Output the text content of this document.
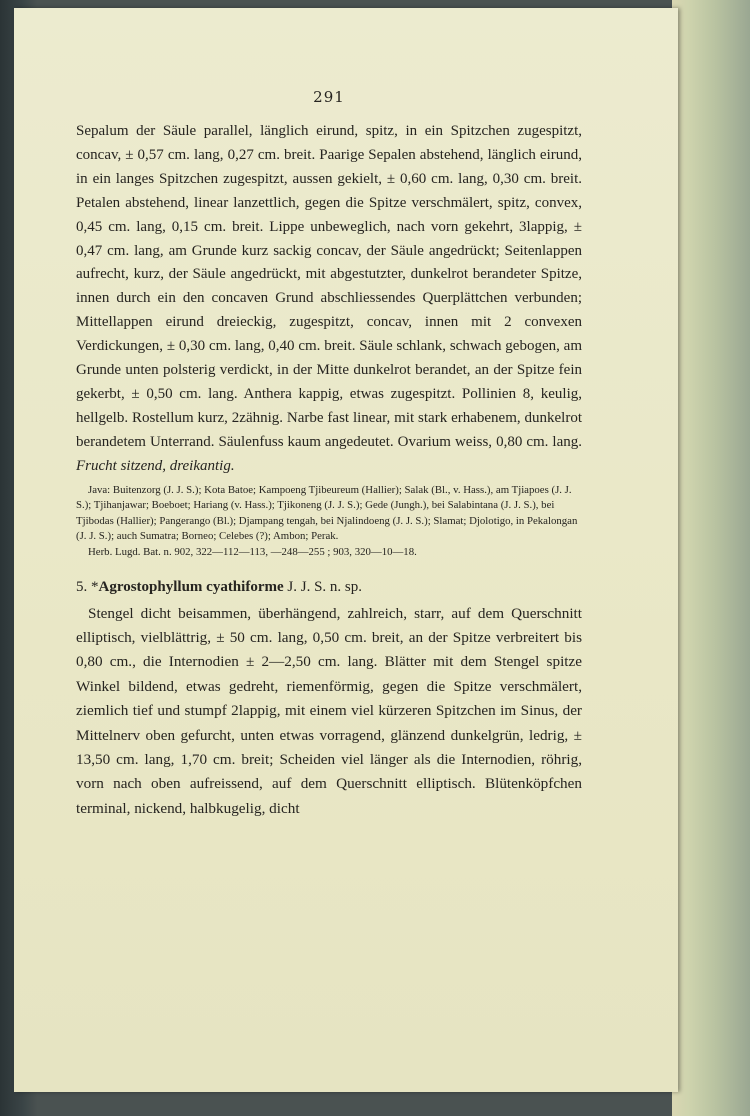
291

Sepalum der Säule parallel, länglich eirund, spitz, in ein Spitzchen zugespitzt, concav, ± 0,57 cm. lang, 0,27 cm. breit. Paarige Sepalen abstehend, länglich eirund, in ein langes Spitzchen zugespitzt, aussen gekielt, ± 0,60 cm. lang, 0,30 cm. breit. Petalen abstehend, linear lanzettlich, gegen die Spitze verschmälert, spitz, convex, 0,45 cm. lang, 0,15 cm. breit. Lippe unbeweglich, nach vorn gekehrt, 3lappig, ± 0,47 cm. lang, am Grunde kurz sackig concav, der Säule angedrückt; Seitenlappen aufrecht, kurz, der Säule angedrückt, mit abgestutzter, dunkelrot berandeter Spitze, innen durch ein den concaven Grund abschliessendes Querplättchen verbunden; Mittellappen eirund dreieckig, zugespitzt, concav, innen mit 2 convexen Verdickungen, ± 0,30 cm. lang, 0,40 cm. breit. Säule schlank, schwach gebogen, am Grunde unten polsterig verdickt, in der Mitte dunkelrot berandet, an der Spitze fein gekerbt, ± 0,50 cm. lang. Anthera kappig, etwas zugespitzt. Pollinien 8, keulig, hellgelb. Rostellum kurz, 2zähnig. Narbe fast linear, mit stark erhabenem, dunkelrot berandetem Unterrand. Säulenfuss kaum angedeutet. Ovarium weiss, 0,80 cm. lang. Frucht sitzend, dreikantig.

Java: Buitenzorg (J. J. S.); Kota Batoe; Kampoeng Tjibeureum (Hallier); Salak (Bl., v. Hass.), am Tjiapoes (J. J. S.); Tjihanjawar; Boeboet; Hariang (v. Hass.); Tjikoneng (J. J. S.); Gede (Jungh.), bei Salabintana (J. J. S.), bei Tjibodas (Hallier); Pangerango (Bl.); Djampang tengah, bei Njalindoeng (J. J. S.); Slamat; Djolotigo, in Pekalongan (J. J. S.); auch Sumatra; Borneo; Celebes (?); Ambon; Perak.

Herb. Lugd. Bat. n. 902, 322—112—113, —248—255 ; 903, 320—10—18.

5. *Agrostophyllum cyathiforme J. J. S. n. sp.

Stengel dicht beisammen, überhängend, zahlreich, starr, auf dem Querschnitt elliptisch, vielblättrig, ± 50 cm. lang, 0,50 cm. breit, an der Spitze verbreitert bis 0,80 cm., die Internodien ± 2—2,50 cm. lang. Blätter mit dem Stengel spitze Winkel bildend, etwas gedreht, riemenförmig, gegen die Spitze verschmälert, ziemlich tief und stumpf 2lappig, mit einem viel kürzeren Spitzchen im Sinus, der Mittelnerv oben gefurcht, unten etwas vorragend, glänzend dunkelgrün, ledrig, ± 13,50 cm. lang, 1,70 cm. breit; Scheiden viel länger als die Internodien, röhrig, vorn nach oben aufreissend, auf dem Querschnitt elliptisch. Blütenköpfchen terminal, nickend, halbkugelig, dicht
